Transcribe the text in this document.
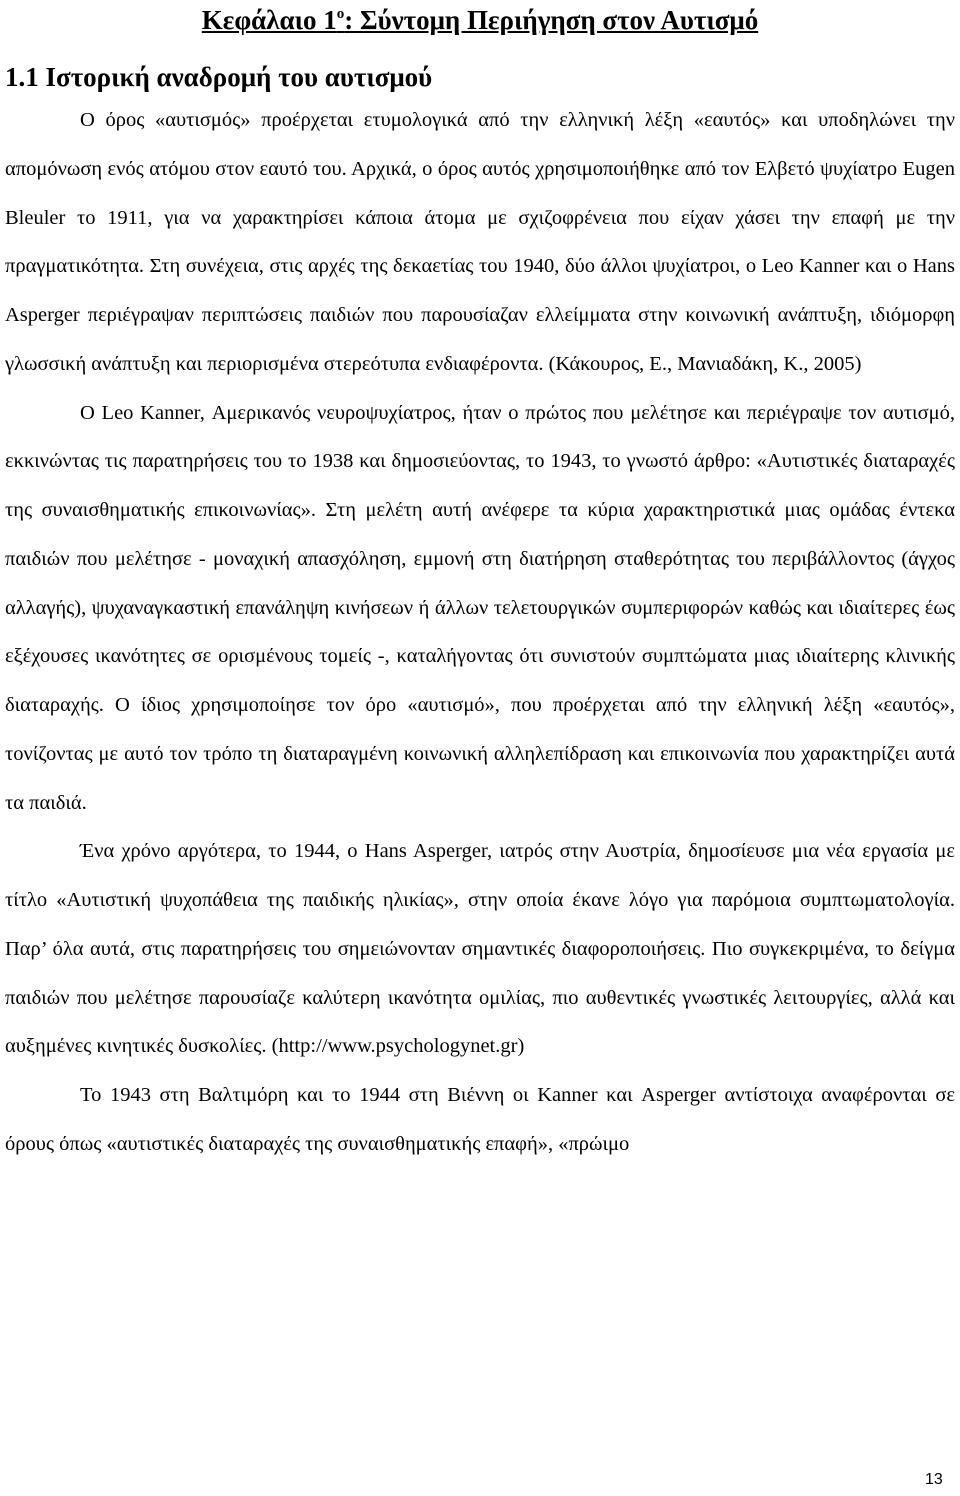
Κεφάλαιο $1^o$: Σύντομη Περιήγηση στον Αυτισμό
1.1 Ιστορική αναδρομή του αυτισμού

Ο όρος «αυτισμός» προέρχεται ετυμολογικά από την ελληνική λέξη «εαυτός» και υποδηλώνει την απομόνωση ενός ατόμου στον εαυτό του. Αρχικά, ο όρος αυτός χρησιμοποιήθηκε από τον Ελβετό ψυχίατρο Eugen Bleuler το 1911, για να χαρακτηρίσει κάποια άτομα με σχιζοφρένεια που είχαν χάσει την επαφή με την πραγματικότητα. Στη συνέχεια, στις αρχές της δεκαετίας του 1940, δύο άλλοι ψυχίατροι, ο Leo Kanner και ο Hans Asperger περιέγραψαν περιπτώσεις παιδιών που παρουσίαζαν ελλείμματα στην κοινωνική ανάπτυξη, ιδιόμορφη γλωσσική ανάπτυξη και περιορισμένα στερεότυπα ενδιαφέροντα. (Κάκουρος, Ε., Μανιαδάκη, Κ., 2005)

Ο Leo Kanner, Αμερικανός νευροψυχίατρος, ήταν ο πρώτος που μελέτησε και περιέγραψε τον αυτισμό, εκκινώντας τις παρατηρήσεις του το 1938 και δημοσιεύοντας, το 1943, το γνωστό άρθρο: «Αυτιστικές διαταραχές της συναισθηματικής επικοινωνίας». Στη μελέτη αυτή ανέφερε τα κύρια χαρακτηριστικά μιας ομάδας έντεκα παιδιών που μελέτησε - μοναχική απασχόληση, εμμονή στη διατήρηση σταθερότητας του περιβάλλοντος (άγχος αλλαγής), ψυχαναγκαστική επανάληψη κινήσεων ή άλλων τελετουργικών συμπεριφορών καθώς και ιδιαίτερες έως εξέχουσες ικανότητες σε ορισμένους τομείς -, καταλήγοντας ότι συνιστούν συμπτώματα μιας ιδιαίτερης κλινικής διαταραχής. Ο ίδιος χρησιμοποίησε τον όρο «αυτισμό», που προέρχεται από την ελληνική λέξη «εαυτός», τονίζοντας με αυτό τον τρόπο τη διαταραγμένη κοινωνική αλληλεπίδραση και επικοινωνία που χαρακτηρίζει αυτά τα παιδιά.

Ένα χρόνο αργότερα, το 1944, ο Hans Asperger, ιατρός στην Αυστρία, δημοσίευσε μια νέα εργασία με τίτλο «Αυτιστική ψυχοπάθεια της παιδικής ηλικίας», στην οποία έκανε λόγο για παρόμοια συμπτωματολογία. Παρ’ όλα αυτά, στις παρατηρήσεις του σημειώνονταν σημαντικές διαφοροποιήσεις. Πιο συγκεκριμένα, το δείγμα παιδιών που μελέτησε παρουσίαζε καλύτερη ικανότητα ομιλίας, πιο αυθεντικές γνωστικές λειτουργίες, αλλά και αυξημένες κινητικές δυσκολίες. (http://www.psychologynet.gr)

Το 1943 στη Βαλτιμόρη και το 1944 στη Βιέννη οι Kanner και Asperger αντίστοιχα αναφέρονται σε όρους όπως «αυτιστικές διαταραχές της συναισθηματικής επαφή», «πρώιμο

13
